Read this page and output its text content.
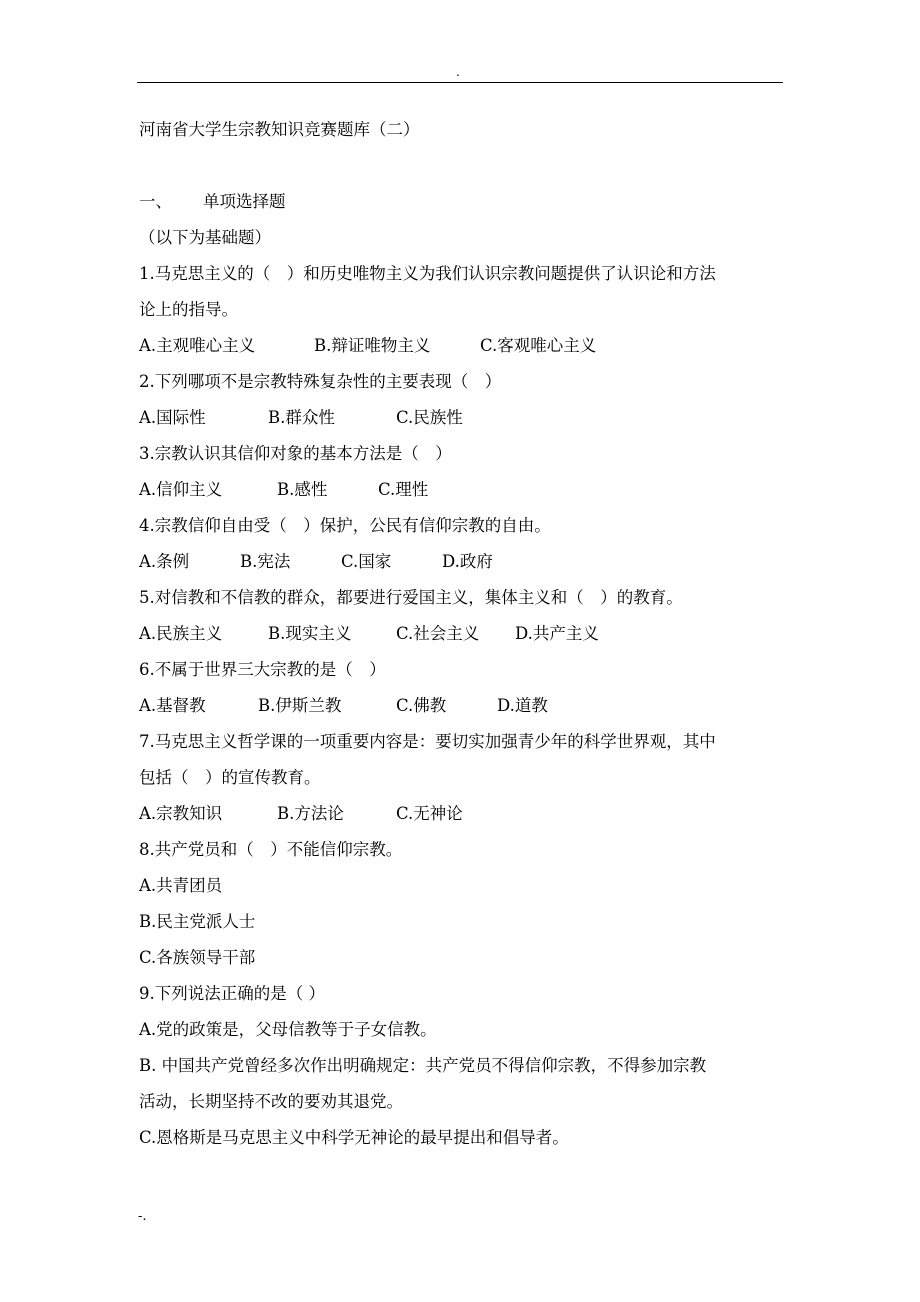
.
河南省大学生宗教知识竞赛题库（二）
一、 单项选择题
（以下为基础题）
1.马克思主义的（　）和历史唯物主义为我们认识宗教问题提供了认识论和方法
论上的指导。
A.主观唯心主义	B.辩证唯物主义	C.客观唯心主义
2.下列哪项不是宗教特殊复杂性的主要表现（　）
A.国际性	B.群众性	C.民族性
3.宗教认识其信仰对象的基本方法是（　）
A.信仰主义	B.感性	C.理性
4.宗教信仰自由受（　）保护，公民有信仰宗教的自由。
A.条例	B.宪法	C.国家	D.政府
5.对信教和不信教的群众，都要进行爱国主义，集体主义和（　）的教育。
A.民族主义	B.现实主义	C.社会主义 D.共产主义
6.不属于世界三大宗教的是（　）
A.基督教	B.伊斯兰教	C.佛教	D.道教
7.马克思主义哲学课的一项重要内容是：要切实加强青少年的科学世界观，其中
包括（　）的宣传教育。
A.宗教知识	B.方法论	C.无神论
8.共产党员和（　）不能信仰宗教。
A.共青团员
B.民主党派人士
C.各族领导干部
9.下列说法正确的是（ ）
A.党的政策是，父母信教等于子女信教。
B. 中国共产党曾经多次作出明确规定：共产党员不得信仰宗教，不得参加宗教
活动，长期坚持不改的要劝其退党。
C.恩格斯是马克思主义中科学无神论的最早提出和倡导者。
-.
